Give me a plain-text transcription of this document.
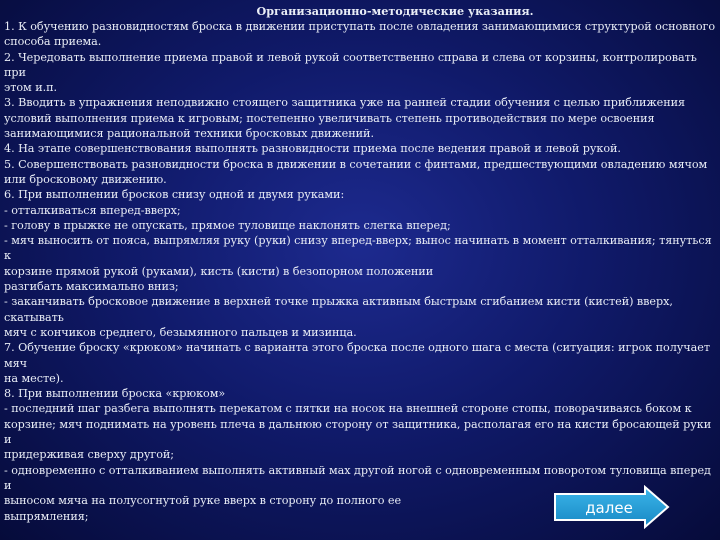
Организационно-методические указания.
1. К обучению разновидностям броска в движении приступать после овладения занимающимися структурой основного
способа приема.
2. Чередовать выполнение приема правой и левой рукой соответственно справа и слева от корзины, контролировать при
этом и.п.
3. Вводить в упражнения неподвижно стоящего защитника уже на ранней стадии обучения с целью приближения
условий выполнения приема к игровым; постепенно увеличивать степень противодействия по мере освоения
занимающимися рациональной техники бросковых движений.
4. На этапе совершенствования выполнять разновидности приема после ведения правой и левой рукой.
5. Совершенствовать разновидности броска в движении в сочетании с финтами, предшествующими овладению мячом
или бросковому движению.
6. При выполнении бросков снизу одной и двумя руками:
- отталкиваться вперед-вверх;
- голову в прыжке не опускать, прямое туловище наклонять слегка вперед;
- мяч выносить от пояса, выпрямляя руку (руки) снизу вперед-вверх; вынос начинать в момент отталкивания; тянуться к
корзине прямой рукой (руками), кисть (кисти) в безопорном положении
разгибать максимально вниз;
- заканчивать бросковое движение в верхней точке прыжка активным быстрым сгибанием кисти (кистей) вверх, скатывать
мяч с кончиков среднего, безымянного пальцев и мизинца.
7. Обучение броску «крюком» начинать с варианта этого броска после одного шага с места (ситуация: игрок получает мяч
на месте).
8. При выполнении броска «крюком»
- последний шаг разбега выполнять перекатом с пятки на носок на внешней стороне стопы, поворачиваясь боком к
корзине; мяч поднимать на уровень плеча в дальнюю сторону от защитника, располагая его на кисти бросающей руки и
придерживая сверху другой;
- одновременно с отталкиванием выполнять активный мах другой ногой с одновременным поворотом туловища вперед и
выносом мяча на полусогнутой руке вверх в сторону до полного ее
выпрямления;	далее
